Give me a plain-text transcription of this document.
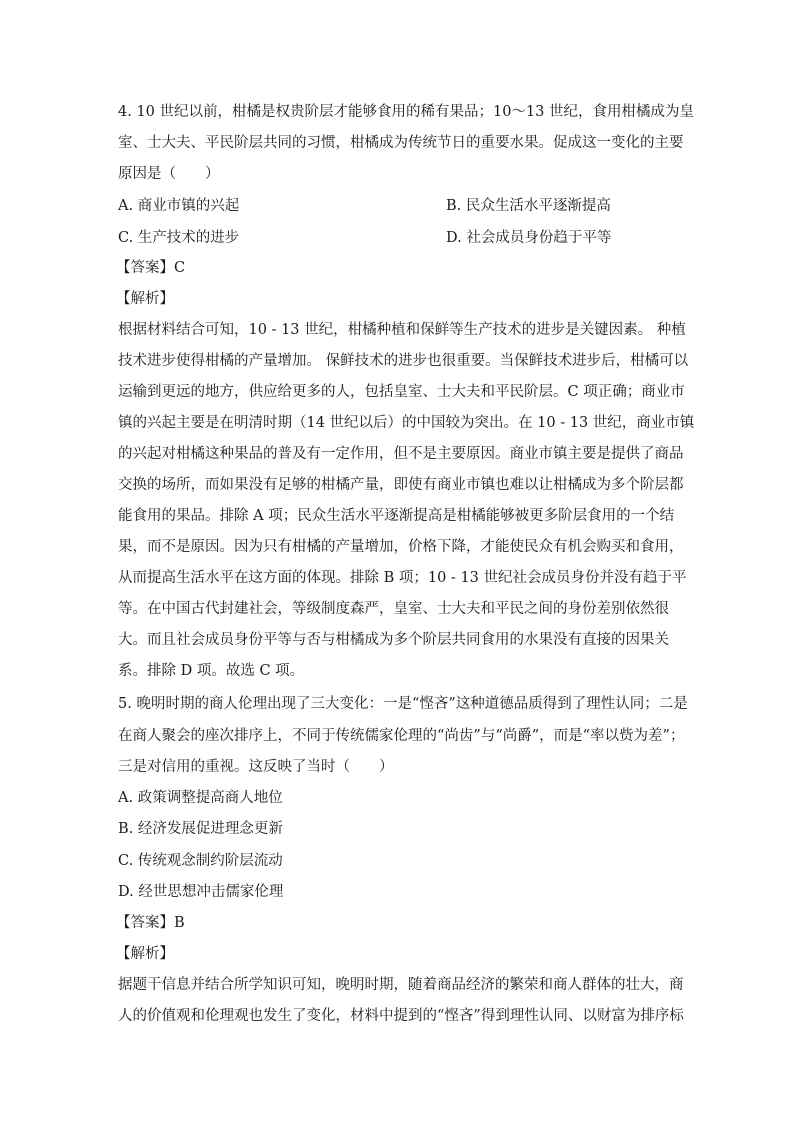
4. 10 世纪以前，柑橘是权贵阶层才能够食用的稀有果品；10～13 世纪，食用柑橘成为皇
室、士大夫、平民阶层共同的习惯，柑橘成为传统节日的重要水果。促成这一变化的主要
原因是（　　）
A. 商业市镇的兴起	B. 民众生活水平逐渐提高
C. 生产技术的进步	D. 社会成员身份趋于平等
【答案】C
【解析】
根据材料结合可知，10 - 13 世纪，柑橘种植和保鲜等生产技术的进步是关键因素。 种植
技术进步使得柑橘的产量增加。 保鲜技术的进步也很重要。当保鲜技术进步后，柑橘可以
运输到更远的地方，供应给更多的人，包括皇室、士大夫和平民阶层。C 项正确；商业市
镇的兴起主要是在明清时期（14 世纪以后）的中国较为突出。在 10 - 13 世纪，商业市镇
的兴起对柑橘这种果品的普及有一定作用，但不是主要原因。商业市镇主要是提供了商品
交换的场所，而如果没有足够的柑橘产量，即使有商业市镇也难以让柑橘成为多个阶层都
能食用的果品。排除 A 项；民众生活水平逐渐提高是柑橘能够被更多阶层食用的一个结
果，而不是原因。因为只有柑橘的产量增加，价格下降，才能使民众有机会购买和食用，
从而提高生活水平在这方面的体现。排除 B 项；10 - 13 世纪社会成员身份并没有趋于平
等。在中国古代封建社会，等级制度森严，皇室、士大夫和平民之间的身份差别依然很
大。而且社会成员身份平等与否与柑橘成为多个阶层共同食用的水果没有直接的因果关
系。排除 D 项。故选 C 项。
5. 晚明时期的商人伦理出现了三大变化：一是“悭吝”这种道德品质得到了理性认同；二是
在商人聚会的座次排序上，不同于传统儒家伦理的“尚齿”与“尚爵”，而是“率以赀为差”；
三是对信用的重视。这反映了当时（　　）
A. 政策调整提高商人地位
B. 经济发展促进理念更新
C. 传统观念制约阶层流动
D. 经世思想冲击儒家伦理
【答案】B
【解析】
据题干信息并结合所学知识可知，晚明时期，随着商品经济的繁荣和商人群体的壮大，商
人的价值观和伦理观也发生了变化，材料中提到的“悭吝”得到理性认同、以财富为排序标
